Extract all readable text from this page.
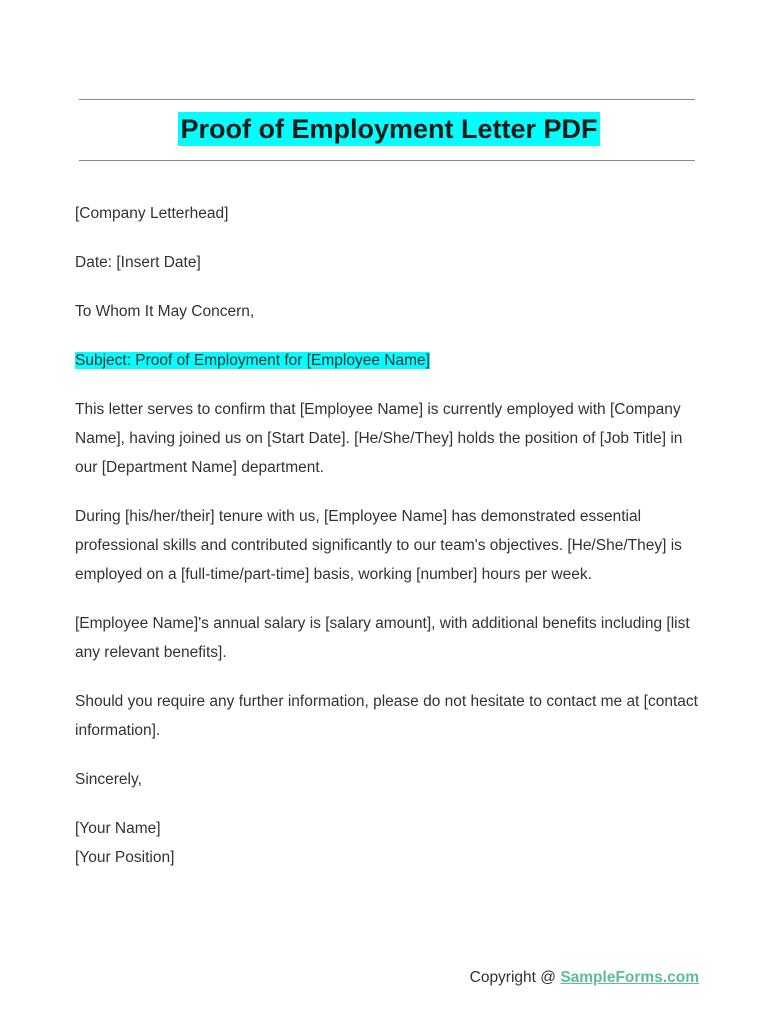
Proof of Employment Letter PDF

[Company Letterhead]

Date: [Insert Date]

To Whom It May Concern,

Subject: Proof of Employment for [Employee Name]

This letter serves to confirm that [Employee Name] is currently employed with [Company Name], having joined us on [Start Date]. [He/She/They] holds the position of [Job Title] in our [Department Name] department.

During [his/her/their] tenure with us, [Employee Name] has demonstrated essential professional skills and contributed significantly to our team's objectives. [He/She/They] is employed on a [full-time/part-time] basis, working [number] hours per week.

[Employee Name]'s annual salary is [salary amount], with additional benefits including [list any relevant benefits].

Should you require any further information, please do not hesitate to contact me at [contact information].

Sincerely,

[Your Name]
[Your Position]

Copyright @ SampleForms.com
